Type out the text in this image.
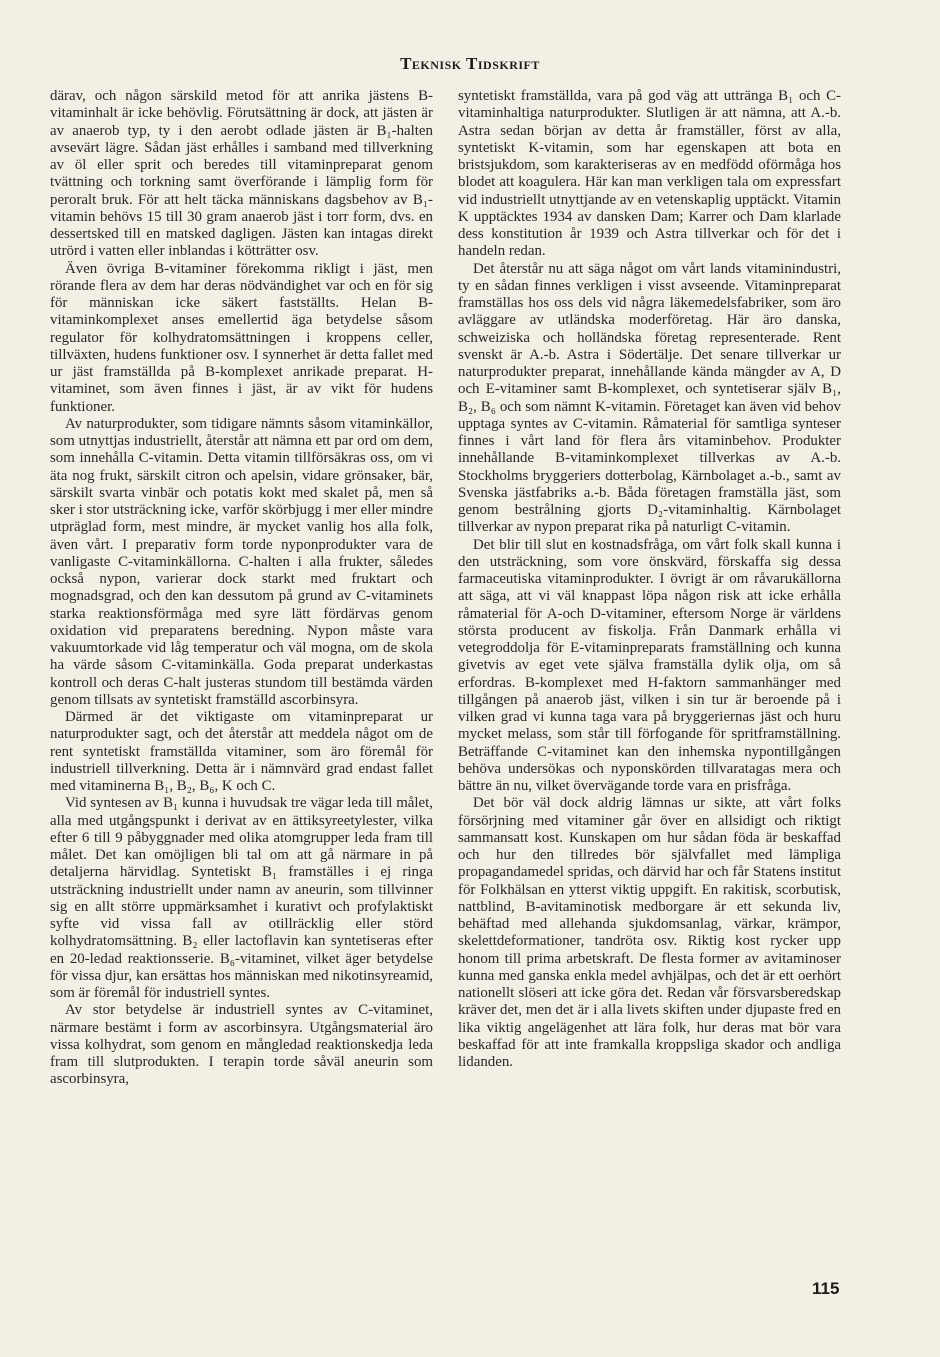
Teknisk Tidskrift

därav, och någon särskild metod för att anrika jästens B-vitaminhalt är icke behövlig. Förutsättning är dock, att jästen är av anaerob typ, ty i den aerobt odlade jästen är B₁-halten avsevärt lägre. Sådan jäst erhålles i samband med tillverkning av öl eller sprit och beredes till vitaminpreparat genom tvättning och torkning samt överförande i lämplig form för peroralt bruk. För att helt täcka människans dagsbehov av B₁-vitamin behövs 15 till 30 gram anaerob jäst i torr form, dvs. en dessertsked till en matsked dagligen. Jästen kan intagas direkt utrörd i vatten eller inblandas i kötträtter osv.

Även övriga B-vitaminer förekomma rikligt i jäst, men rörande flera av dem har deras nödvändighet var och en för sig för människan icke säkert fastställts. Helan B-vitaminkomplexet anses emellertid äga betydelse såsom regulator för kolhydratomsättningen i kroppens celler, tillväxten, hudens funktioner osv. I synnerhet är detta fallet med ur jäst framställda på B-komplexet anrikade preparat. H-vitaminet, som även finnes i jäst, är av vikt för hudens funktioner.

Av naturprodukter, som tidigare nämnts såsom vitaminkällor, som utnyttjas industriellt, återstår att nämna ett par ord om dem, som innehålla C-vitamin. Detta vitamin tillförsäkras oss, om vi äta nog frukt, särskilt citron och apelsin, vidare grönsaker, bär, särskilt svarta vinbär och potatis kokt med skalet på, men så sker i stor utsträckning icke, varför skörbjugg i mer eller mindre utpräglad form, mest mindre, är mycket vanlig hos alla folk, även vårt. I preparativ form torde nyponprodukter vara de vanligaste C-vitaminkällorna. C-halten i alla frukter, således också nypon, varierar dock starkt med fruktart och mognadsgrad, och den kan dessutom på grund av C-vitaminets starka reaktionsförmåga med syre lätt fördärvas genom oxidation vid preparatens beredning. Nypon måste vara vakuumtorkade vid låg temperatur och väl mogna, om de skola ha värde såsom C-vitaminkälla. Goda preparat underkastas kontroll och deras C-halt justeras stundom till bestämda värden genom tillsats av syntetiskt framställd ascorbinsyra.

Därmed är det viktigaste om vitaminpreparat ur naturprodukter sagt, och det återstår att meddela något om de rent syntetiskt framställda vitaminer, som äro föremål för industriell tillverkning. Detta är i nämnvärd grad endast fallet med vitaminerna B₁, B₂, B₆, K och C.

Vid syntesen av B₁ kunna i huvudsak tre vägar leda till målet, alla med utgångspunkt i derivat av en ättiksyreetylester, vilka efter 6 till 9 påbyggnader med olika atomgrupper leda fram till målet. Det kan omöjligen bli tal om att gå närmare in på detaljerna härvidlag. Syntetiskt B₁ framställes i ej ringa utsträckning industriellt under namn av aneurin, som tillvinner sig en allt större uppmärksamhet i kurativt och profylaktiskt syfte vid vissa fall av otillräcklig eller störd kolhydratomsättning. B₂ eller lactoflavin kan syntetiseras efter en 20-ledad reaktionsserie. B₆-vitaminet, vilket äger betydelse för vissa djur, kan ersättas hos människan med nikotinsyreamid, som är föremål för industriell syntes.

Av stor betydelse är industriell syntes av C-vitaminet, närmare bestämt i form av ascorbinsyra. Utgångsmaterial äro vissa kolhydrat, som genom en mångledad reaktionskedja leda fram till slutprodukten. I terapin torde såväl aneurin som ascorbinsyra,

syntetiskt framställda, vara på god väg att uttränga B₁ och C-vitaminhaltiga naturprodukter. Slutligen är att nämna, att A.-b. Astra sedan början av detta år framställer, först av alla, syntetiskt K-vitamin, som har egenskapen att bota en bristsjukdom, som karakteriseras av en medfödd oförmåga hos blodet att koagulera. Här kan man verkligen tala om expressfart vid industriellt utnyttjande av en vetenskaplig upptäckt. Vitamin K upptäcktes 1934 av dansken Dam; Karrer och Dam klarlade dess konstitution år 1939 och Astra tillverkar och för det i handeln redan.

Det återstår nu att säga något om vårt lands vitaminindustri, ty en sådan finnes verkligen i visst avseende. Vitaminpreparat framställas hos oss dels vid några läkemedelsfabriker, som äro avläggare av utländska moderföretag. Här äro danska, schweiziska och holländska företag representerade. Rent svenskt är A.-b. Astra i Södertälje. Det senare tillverkar ur naturprodukter preparat, innehållande kända mängder av A, D och E-vitaminer samt B-komplexet, och syntetiserar själv B₁, B₂, B₆ och som nämnt K-vitamin. Företaget kan även vid behov upptaga syntes av C-vitamin. Råmaterial för samtliga synteser finnes i vårt land för flera års vitaminbehov. Produkter innehållande B-vitaminkomplexet tillverkas av A.-b. Stockholms bryggeriers dotterbolag, Kärnbolaget a.-b., samt av Svenska jästfabriks a.-b. Båda företagen framställa jäst, som genom bestrålning gjorts D₂-vitaminhaltig. Kärnbolaget tillverkar av nypon preparat rika på naturligt C-vitamin.

Det blir till slut en kostnadsfråga, om vårt folk skall kunna i den utsträckning, som vore önskvärd, förskaffa sig dessa farmaceutiska vitaminprodukter. I övrigt är om råvarukällorna att säga, att vi väl knappast löpa någon risk att icke erhålla råmaterial för A-och D-vitaminer, eftersom Norge är världens största producent av fiskolja. Från Danmark erhålla vi vetegroddolja för E-vitaminpreparats framställning och kunna givetvis av eget vete själva framställa dylik olja, om så erfordras. B-komplexet med H-faktorn sammanhänger med tillgången på anaerob jäst, vilken i sin tur är beroende på i vilken grad vi kunna taga vara på bryggeriernas jäst och huru mycket melass, som står till förfogande för spritframställning. Beträffande C-vitaminet kan den inhemska nypontillgången behöva undersökas och nyponskörden tillvaratagas mera och bättre än nu, vilket övervägande torde vara en prisfråga.

Det bör väl dock aldrig lämnas ur sikte, att vårt folks försörjning med vitaminer går över en allsidigt och riktigt sammansatt kost. Kunskapen om hur sådan föda är beskaffad och hur den tillredes bör självfallet med lämpliga propagandamedel spridas, och därvid har och får Statens institut för Folkhälsan en ytterst viktig uppgift. En rakitisk, scorbutisk, nattblind, B-avitaminotisk medborgare är ett sekunda liv, behäftad med allehanda sjukdomsanlag, värkar, krämpor, skelettdeformationer, tandröta osv. Riktig kost rycker upp honom till prima arbetskraft. De flesta former av avitaminoser kunna med ganska enkla medel avhjälpas, och det är ett oerhört nationellt slöseri att icke göra det. Redan vår försvarsberedskap kräver det, men det är i alla livets skiften under djupaste fred en lika viktig angelägenhet att lära folk, hur deras mat bör vara beskaffad för att inte framkalla kroppsliga skador och andliga lidanden.

115
